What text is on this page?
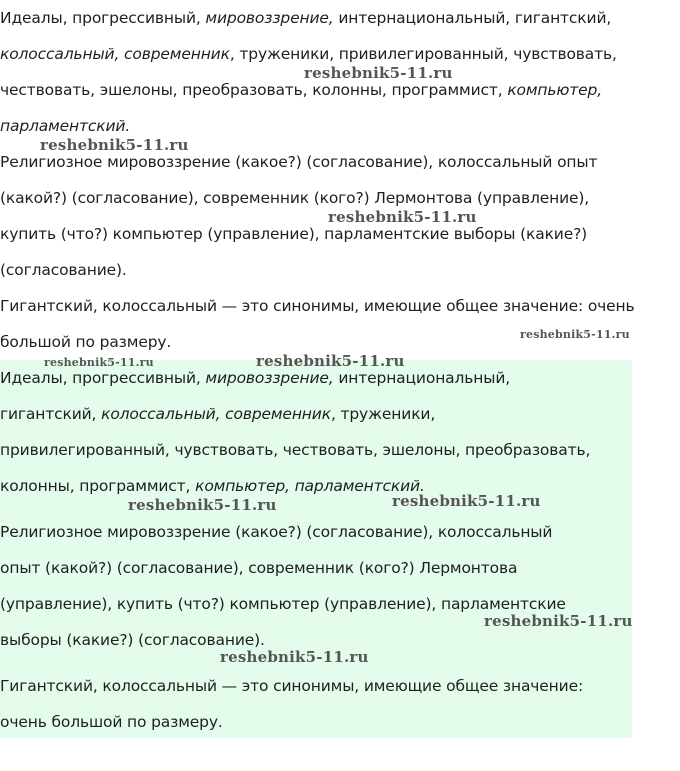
Идеалы, прогрессивный, мировоззрение, интернациональный, гигантский,

колоссальный, современник, труженики, привилегированный, чувствовать,

чествовать, эшелоны, преобразовать, колонны, программист, компьютер,

парламентский.

Религиозное мировоззрение (какое?) (согласование), колоссальный опыт

(какой?) (согласование), современник (кого?) Лермонтова (управление),

купить (что?) компьютер (управление), парламентские выборы (какие?)

(согласование).

Гигантский, колоссальный — это синонимы, имеющие общее значение: очень

большой по размеру.

Идеалы, прогрессивный, мировоззрение, интернациональный,

гигантский, колоссальный, современник, труженики,

привилегированный, чувствовать, чествовать, эшелоны, преобразовать,

колонны, программист, компьютер, парламентский.

Религиозное мировоззрение (какое?) (согласование), колоссальный

опыт (какой?) (согласование), современник (кого?) Лермонтова

(управление), купить (что?) компьютер (управление), парламентские

выборы (какие?) (согласование).

Гигантский, колоссальный — это синонимы, имеющие общее значение:

очень большой по размеру.

reshebnik5-11.ru
reshebnik5-11.ru
reshebnik5-11.ru
reshebnik5-11.ru
reshebnik5-11.ru	reshebnik5-11.ru
reshebnik5-11.ru	reshebnik5-11.ru
reshebnik5-11.ru
reshebnik5-11.ru
